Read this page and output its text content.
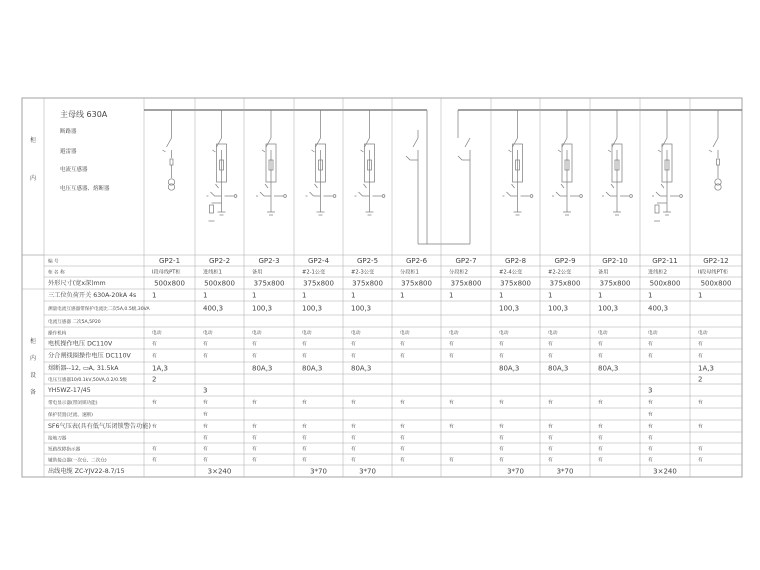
柜
内
柜
内
设
备
主母线 630A
断路器
避雷器
电流互感器
电压互感器、熔断器
编 号
柜 名 称
外形尺寸(宽x深)mm
三工位负荷开关 630A-20kA 4s
测量电流互感器带保护电流比二次5A,0.5级,30VA
电流互感器 二次5A,5P20
操作机构
电机操作电压 DC110V
分合闸线圈操作电压 DC110V
熔断器--12, ▭A, 31.5kA
电压互感器10/0.1kV,50VA,0.2/0.5级
YH5WZ-17/45
带电显示器(带闭锁功能)
保护装置(过流、速断)
SF6气压表(具有低气压闭锁警告功能)
接地刀器
短路故障指示器
辅助接点器(一次仓、二次仓)
出线电缆 ZC-YJV22-8.7/15
GP2-1
I段母线PT柜
500x800
1
电动
有
有
1A,3
2
有
有
有
有
GP2-2
进线柜1
500x800
1
400,3
电动
有
有
3
有
有
有
有
有
有
3×240
GP2-3
备用
375x800
1
100,3
电动
有
有
80A,3
有
有
有
有
有
GP2-4
#2-1公变
375x800
1
100,3
电动
有
有
80A,3
有
有
有
有
有
3*70
GP2-5
#2-3公变
375x800
1
100,3
电动
有
有
80A,3
有
有
有
有
有
3*70
GP2-6
分段柜1
375x800
1
电动
有
有
有
有
有
有
有
GP2-7
分段柜2
375x800
1
电动
有
有
有
有
有
GP2-8
#2-4公变
375x800
1
100,3
电动
有
有
80A,3
有
有
有
有
有
3*70
GP2-9
#2-2公变
375x800
1
100,3
电动
有
有
80A,3
有
有
有
有
有
3*70
GP2-10
备用
375x800
1
100,3
电动
有
有
80A,3
有
有
有
有
有
GP2-11
进线柜2
500x800
1
400,3
电动
有
有
3
有
有
有
有
有
有
3×240
GP2-12
II段母线PT柜
500x800
1
电动
有
有
1A,3
2
有
有
有
有
